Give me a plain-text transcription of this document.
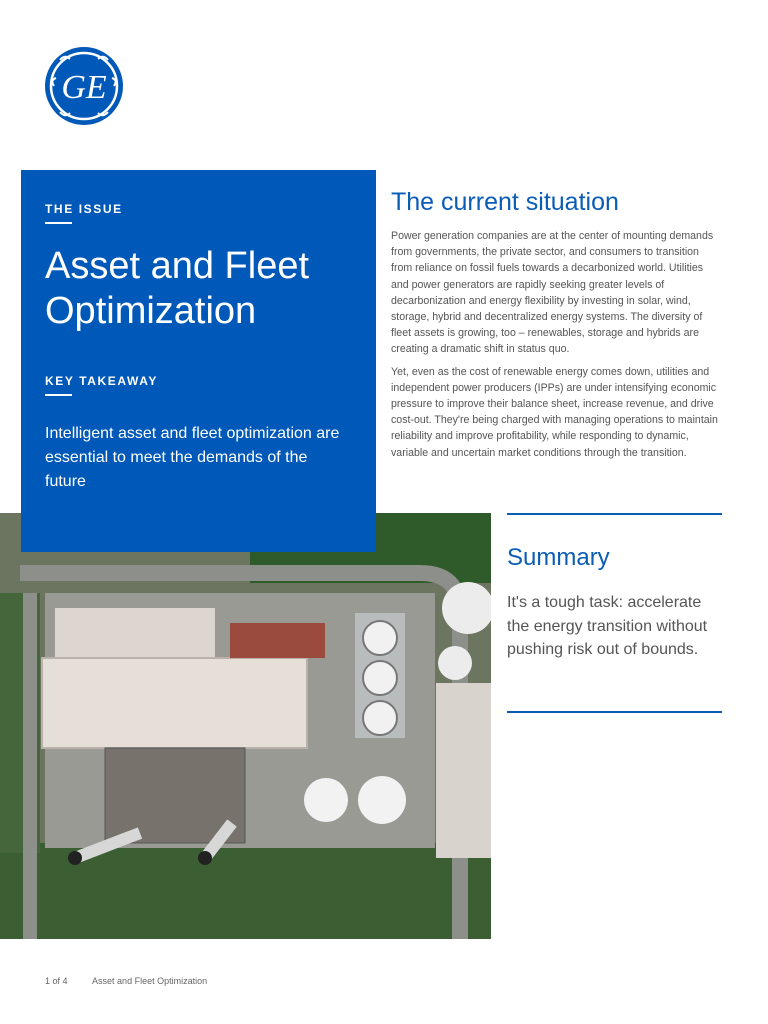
GE
THE ISSUE
Asset and Fleet
Optimization
KEY TAKEAWAY

Intelligent asset and fleet optimization are essential to meet the demands of the future

The current situation

Power generation companies are at the center of mounting demands from governments, the private sector, and consumers to transition from reliance on fossil fuels towards a decarbonized world. Utilities and power generators are rapidly seeking greater levels of decarbonization and energy flexibility by investing in solar, wind, storage, hybrid and decentralized energy systems. The diversity of fleet assets is growing, too – renewables, storage and hybrids are creating a dramatic shift in status quo.

Yet, even as the cost of renewable energy comes down, utilities and independent power producers (IPPs) are under intensifying economic pressure to improve their balance sheet, increase revenue, and drive cost-out. They're being charged with managing operations to maintain reliability and improve profitability, while responding to dynamic, variable and uncertain market conditions through the transition.

Summary

It's a tough task: accelerate the energy transition without pushing risk out of bounds.

1 of 4	Asset and Fleet Optimization
